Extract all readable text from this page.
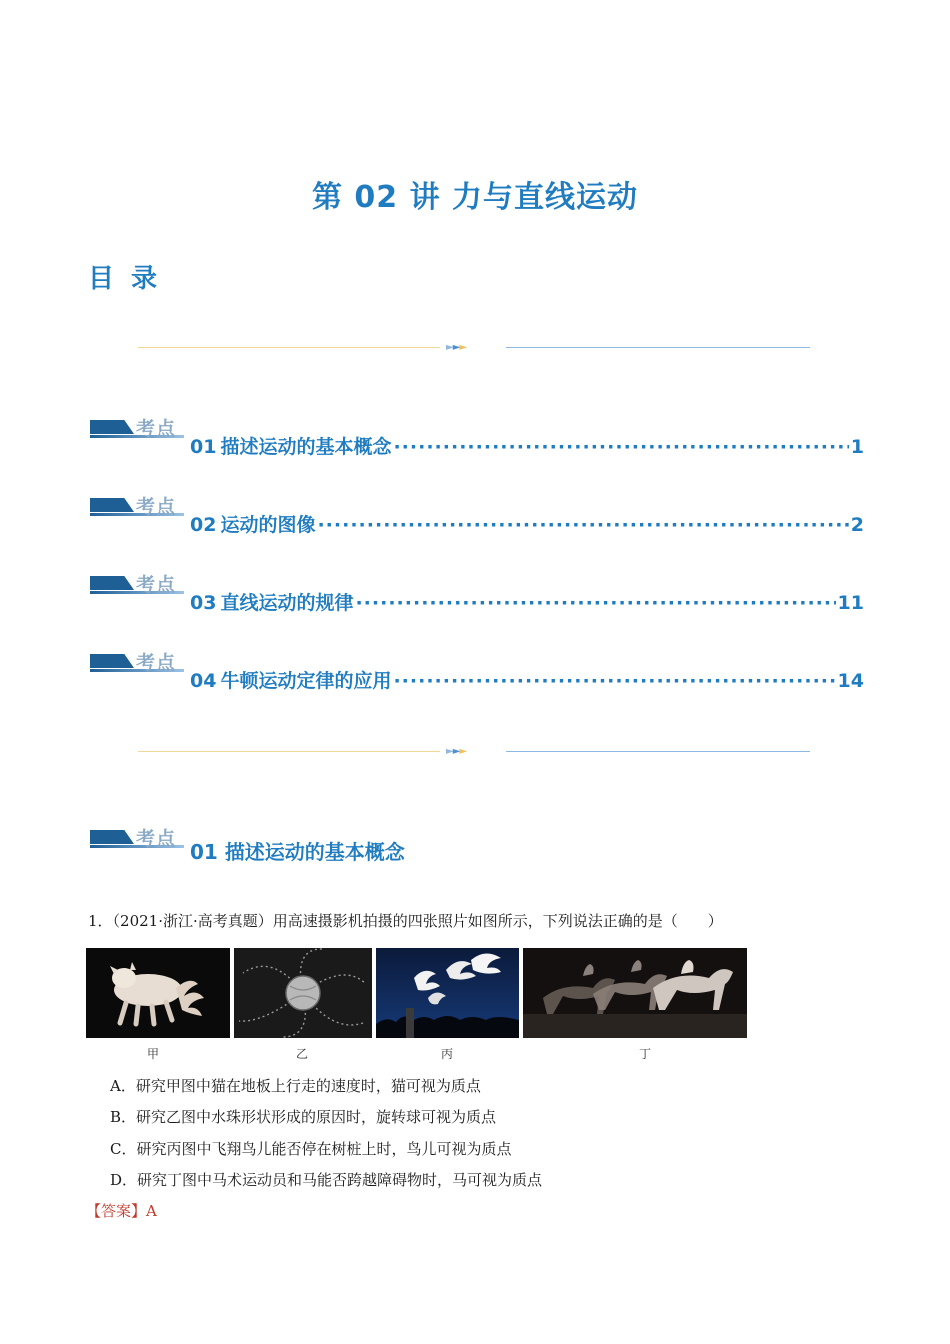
第 02 讲 力与直线运动
目 录
►►►
考点
01 描述运动的基本概念 ·····	1
考点
02 运动的图像 ·····	2
考点
03 直线运动的规律 ·····	11
考点
04 牛顿运动定律的应用 ·····	14
►►►
考点
01 描述运动的基本概念
1．（2021·浙江·高考真题）用高速摄影机拍摄的四张照片如图所示，下列说法正确的是（　　）
甲	乙	丙	丁
A．研究甲图中猫在地板上行走的速度时，猫可视为质点
B．研究乙图中水珠形状形成的原因时，旋转球可视为质点
C．研究丙图中飞翔鸟儿能否停在树桩上时，鸟儿可视为质点
D．研究丁图中马术运动员和马能否跨越障碍物时，马可视为质点
【答案】A
